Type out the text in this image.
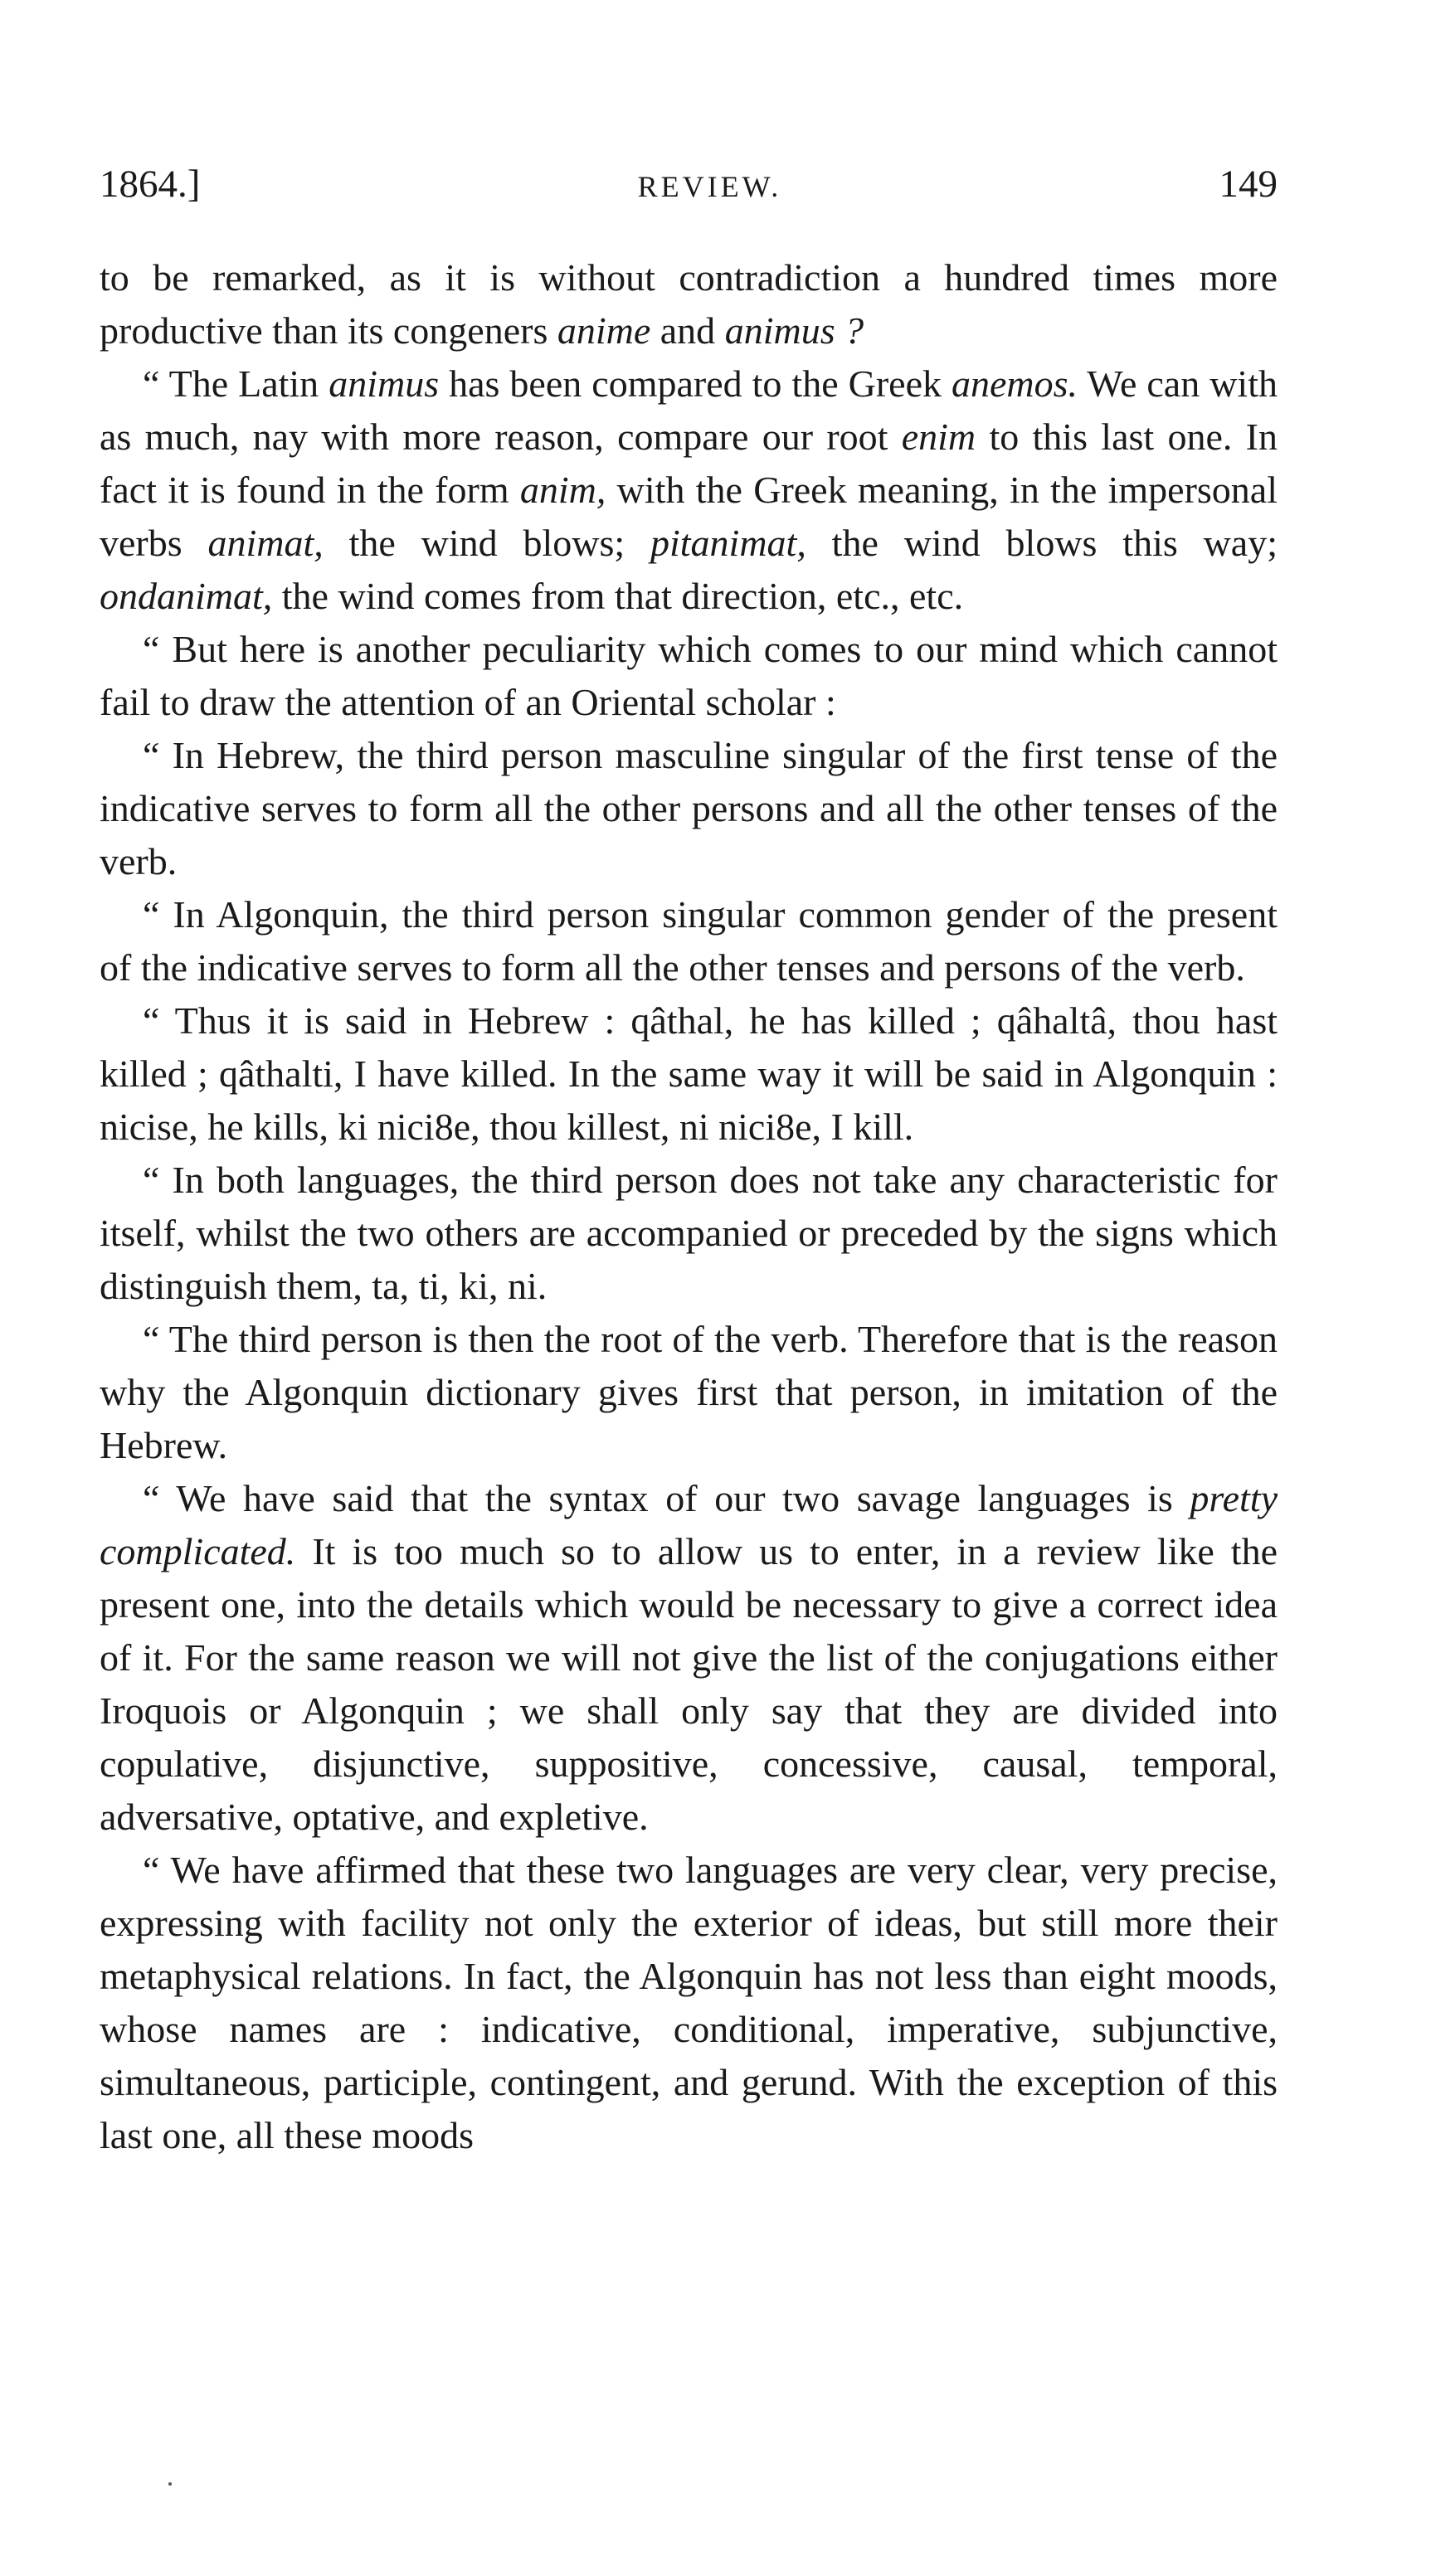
1864.]	REVIEW.	149

to be remarked, as it is without contradiction a hundred times more productive than its congeners anime and animus ?

“ The Latin animus has been compared to the Greek anemos. We can with as much, nay with more reason, compare our root enim to this last one. In fact it is found in the form anim, with the Greek meaning, in the impersonal verbs animat, the wind blows; pitanimat, the wind blows this way; ondanimat, the wind comes from that direction, etc., etc.

“ But here is another peculiarity which comes to our mind which cannot fail to draw the attention of an Oriental scholar :

“ In Hebrew, the third person masculine singular of the first tense of the indicative serves to form all the other persons and all the other tenses of the verb.

“ In Algonquin, the third person singular common gender of the present of the indicative serves to form all the other tenses and persons of the verb.

“ Thus it is said in Hebrew : qâthal, he has killed ; qâhaltâ, thou hast killed ; qâthalti, I have killed. In the same way it will be said in Algonquin : nicise, he kills, ki nici8e, thou killest, ni nici8e, I kill.

“ In both languages, the third person does not take any characteristic for itself, whilst the two others are accompanied or preceded by the signs which distinguish them, ta, ti, ki, ni.

“ The third person is then the root of the verb. Therefore that is the reason why the Algonquin dictionary gives first that person, in imitation of the Hebrew.

“ We have said that the syntax of our two savage languages is pretty complicated. It is too much so to allow us to enter, in a review like the present one, into the details which would be necessary to give a correct idea of it. For the same reason we will not give the list of the conjugations either Iroquois or Algonquin ; we shall only say that they are divided into copulative, disjunctive, suppositive, concessive, causal, temporal, adversative, optative, and expletive.

“ We have affirmed that these two languages are very clear, very precise, expressing with facility not only the exterior of ideas, but still more their metaphysical relations. In fact, the Algonquin has not less than eight moods, whose names are : indicative, conditional, imperative, subjunctive, simultaneous, participle, contingent, and gerund. With the exception of this last one, all these moods
